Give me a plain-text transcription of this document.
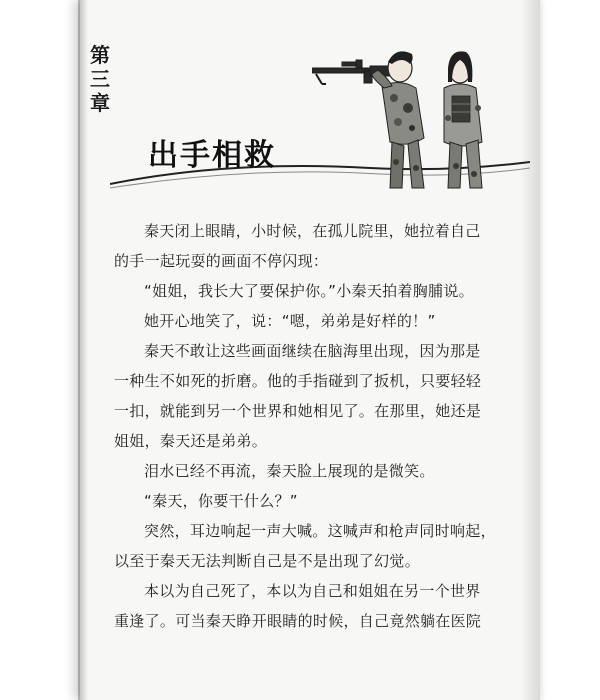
第
三
章
出手相救

秦天闭上眼睛，小时候，在孤儿院里，她拉着自己

的手一起玩耍的画面不停闪现：

“姐姐，我长大了要保护你。”小秦天拍着胸脯说。

她开心地笑了，说：“嗯，弟弟是好样的！”

秦天不敢让这些画面继续在脑海里出现，因为那是

一种生不如死的折磨。他的手指碰到了扳机，只要轻轻

一扣，就能到另一个世界和她相见了。在那里，她还是

姐姐，秦天还是弟弟。

泪水已经不再流，秦天脸上展现的是微笑。

“秦天，你要干什么？”

突然，耳边响起一声大喊。这喊声和枪声同时响起，

以至于秦天无法判断自己是不是出现了幻觉。

本以为自己死了，本以为自己和姐姐在另一个世界

重逢了。可当秦天睁开眼睛的时候，自己竟然躺在医院
